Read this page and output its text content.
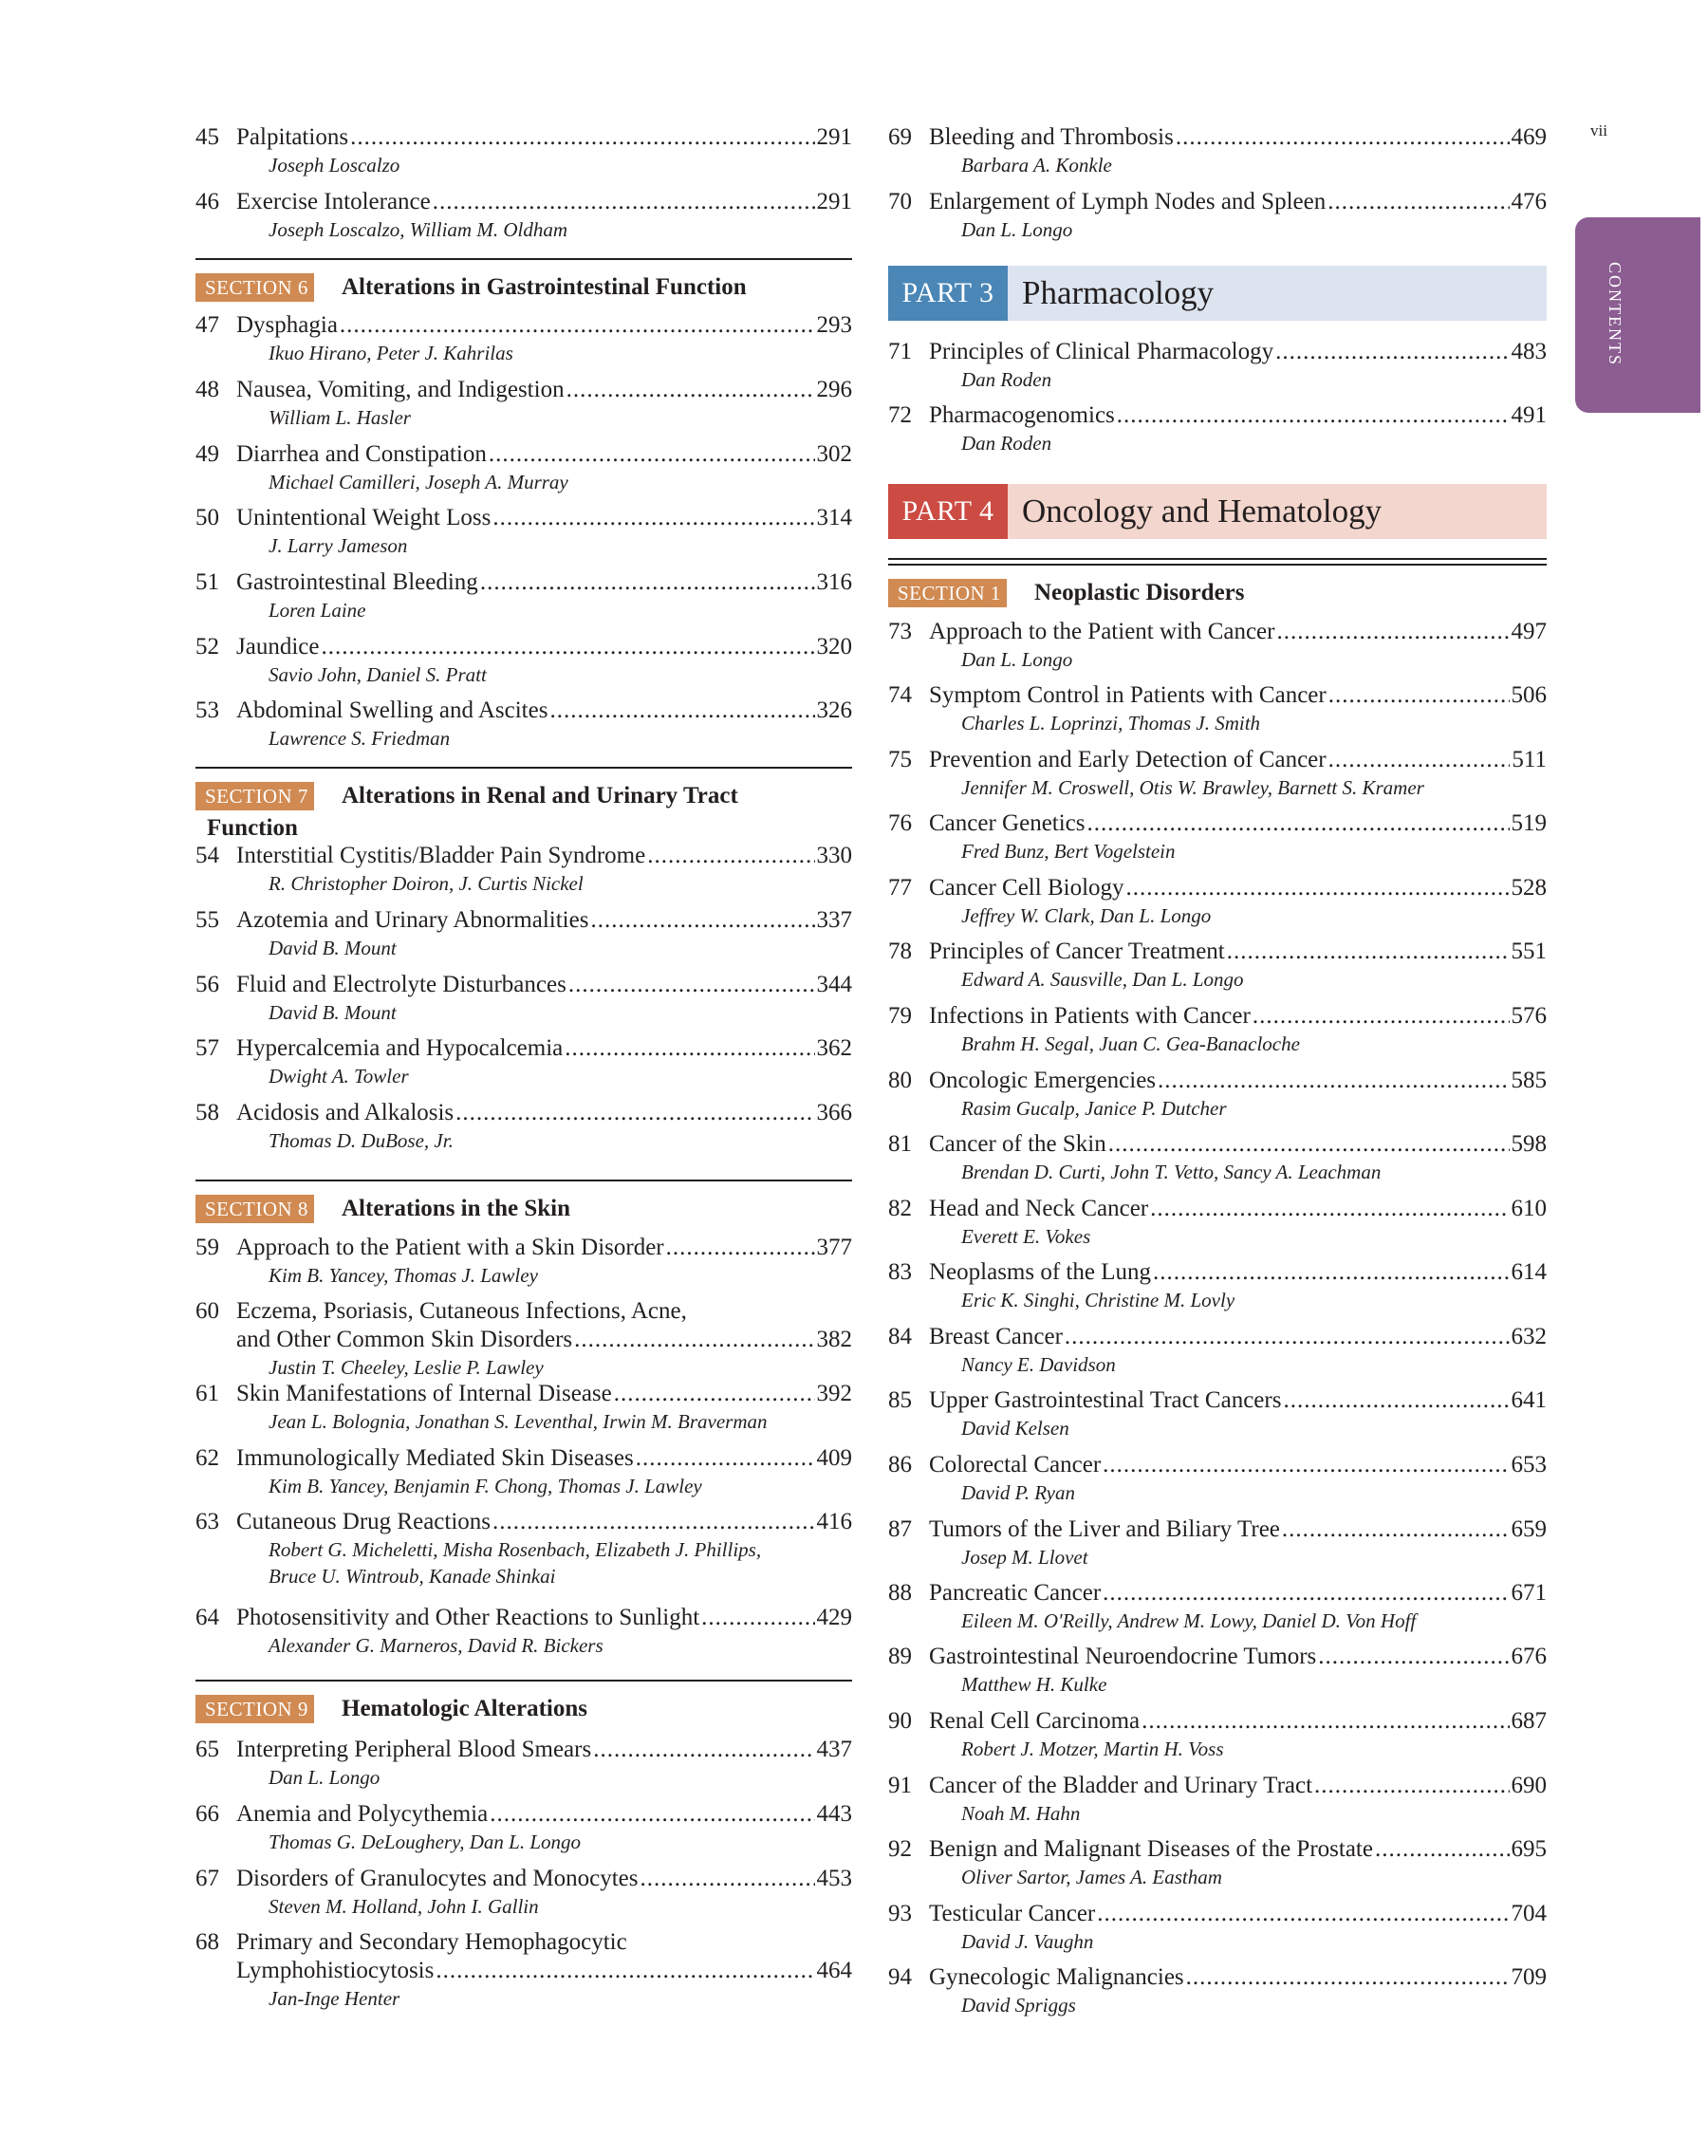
45 Palpitations .....	291
Joseph Loscalzo
46 Exercise Intolerance .....	291
Joseph Loscalzo, William M. Oldham
SECTION 6 Alterations in Gastrointestinal Function
47 Dysphagia .....	293
Ikuo Hirano, Peter J. Kahrilas
48 Nausea, Vomiting, and Indigestion .....	296
William L. Hasler
49 Diarrhea and Constipation .....	302
Michael Camilleri, Joseph A. Murray
50 Unintentional Weight Loss .....	314
J. Larry Jameson
51 Gastrointestinal Bleeding .....	316
Loren Laine
52 Jaundice .....	320
Savio John, Daniel S. Pratt
53 Abdominal Swelling and Ascites .....	326
Lawrence S. Friedman
SECTION 7 Alterations in Renal and Urinary Tract
Function
54 Interstitial Cystitis/Bladder Pain Syndrome .....	330
R. Christopher Doiron, J. Curtis Nickel
55 Azotemia and Urinary Abnormalities .....	337
David B. Mount
56 Fluid and Electrolyte Disturbances .....	344
David B. Mount
57 Hypercalcemia and Hypocalcemia .....	362
Dwight A. Towler
58 Acidosis and Alkalosis .....	366
Thomas D. DuBose, Jr.
SECTION 8 Alterations in the Skin
59 Approach to the Patient with a Skin Disorder .....	377
Kim B. Yancey, Thomas J. Lawley
60 Eczema, Psoriasis, Cutaneous Infections, Acne,
and Other Common Skin Disorders .....	382
Justin T. Cheeley, Leslie P. Lawley
61 Skin Manifestations of Internal Disease .....	392
Jean L. Bolognia, Jonathan S. Leventhal, Irwin M. Braverman
62 Immunologically Mediated Skin Diseases .....	409
Kim B. Yancey, Benjamin F. Chong, Thomas J. Lawley
63 Cutaneous Drug Reactions .....	416
Robert G. Micheletti, Misha Rosenbach, Elizabeth J. Phillips,
Bruce U. Wintroub, Kanade Shinkai
64 Photosensitivity and Other Reactions to Sunlight .....	429
Alexander G. Marneros, David R. Bickers
SECTION 9 Hematologic Alterations
65 Interpreting Peripheral Blood Smears .....	437
Dan L. Longo
66 Anemia and Polycythemia .....	443
Thomas G. DeLoughery, Dan L. Longo
67 Disorders of Granulocytes and Monocytes .....	453
Steven M. Holland, John I. Gallin
68 Primary and Secondary Hemophagocytic
Lymphohistiocytosis .....	464
Jan-Inge Henter
69 Bleeding and Thrombosis .....	469
Barbara A. Konkle
70 Enlargement of Lymph Nodes and Spleen .....	476
Dan L. Longo
PART 3 Pharmacology
71 Principles of Clinical Pharmacology .....	483
Dan Roden
72 Pharmacogenomics .....	491
Dan Roden
PART 4 Oncology and Hematology
SECTION 1 Neoplastic Disorders
73 Approach to the Patient with Cancer .....	497
Dan L. Longo
74 Symptom Control in Patients with Cancer .....	506
Charles L. Loprinzi, Thomas J. Smith
75 Prevention and Early Detection of Cancer .....	511
Jennifer M. Croswell, Otis W. Brawley, Barnett S. Kramer
76 Cancer Genetics .....	519
Fred Bunz, Bert Vogelstein
77 Cancer Cell Biology .....	528
Jeffrey W. Clark, Dan L. Longo
78 Principles of Cancer Treatment .....	551
Edward A. Sausville, Dan L. Longo
79 Infections in Patients with Cancer .....	576
Brahm H. Segal, Juan C. Gea-Banacloche
80 Oncologic Emergencies .....	585
Rasim Gucalp, Janice P. Dutcher
81 Cancer of the Skin .....	598
Brendan D. Curti, John T. Vetto, Sancy A. Leachman
82 Head and Neck Cancer .....	610
Everett E. Vokes
83 Neoplasms of the Lung .....	614
Eric K. Singhi, Christine M. Lovly
84 Breast Cancer .....	632
Nancy E. Davidson
85 Upper Gastrointestinal Tract Cancers .....	641
David Kelsen
86 Colorectal Cancer .....	653
David P. Ryan
87 Tumors of the Liver and Biliary Tree .....	659
Josep M. Llovet
88 Pancreatic Cancer .....	671
Eileen M. O'Reilly, Andrew M. Lowy, Daniel D. Von Hoff
89 Gastrointestinal Neuroendocrine Tumors .....	676
Matthew H. Kulke
90 Renal Cell Carcinoma .....	687
Robert J. Motzer, Martin H. Voss
91 Cancer of the Bladder and Urinary Tract .....	690
Noah M. Hahn
92 Benign and Malignant Diseases of the Prostate .....	695
Oliver Sartor, James A. Eastham
93 Testicular Cancer .....	704
David J. Vaughn
94 Gynecologic Malignancies .....	709
David Spriggs
vii
CONTENTS
